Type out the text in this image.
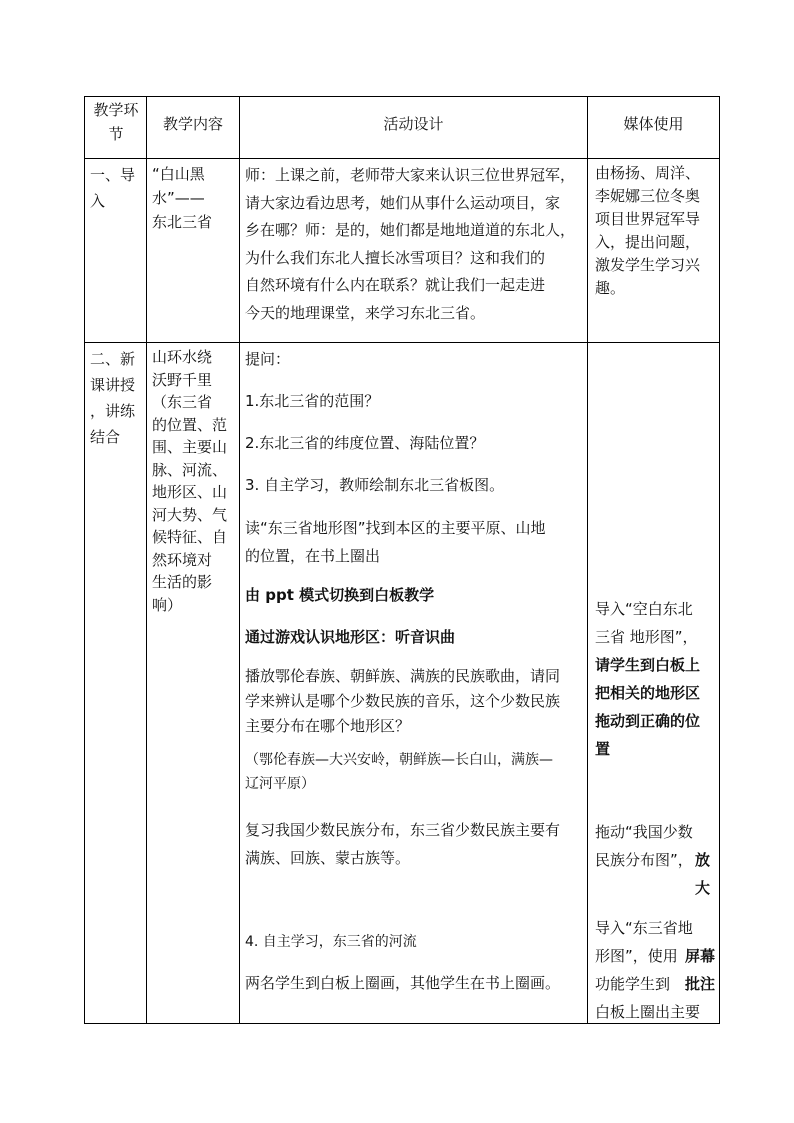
教学环
节

教学内容	活动设计	媒体使用

一、导
入

“白山黑
水”——
东北三省

师：上课之前，老师带大家来认识三位世界冠军，
请大家边看边思考，她们从事什么运动项目，家
乡在哪？师：是的，她们都是地地道道的东北人，
为什么我们东北人擅长冰雪项目？这和我们的
自然环境有什么内在联系？就让我们一起走进
今天的地理课堂，来学习东北三省。

由杨扬、周洋、
李妮娜三位冬奥
项目世界冠军导
入，提出问题，
激发学生学习兴
趣。

二、新
课讲授
，讲练
结合

山环水绕
沃野千里
（东三省
的位置、范
围、主要山
脉、河流、
地形区、山
河大势、气
候特征、自
然环境对
生活的影
响）

提问：

1.东北三省的范围？

2.东北三省的纬度位置、海陆位置？

3. 自主学习，教师绘制东北三省板图。

读“东三省地形图”找到本区的主要平原、山地
的位置，在书上圈出

由 ppt 模式切换到白板教学

通过游戏认识地形区：听音识曲

播放鄂伦春族、朝鲜族、满族的民族歌曲，请同
学来辨认是哪个少数民族的音乐，这个少数民族
主要分布在哪个地形区？

（鄂伦春族—大兴安岭，朝鲜族—长白山，满族—
辽河平原）

复习我国少数民族分布，东三省少数民族主要有
满族、回族、蒙古族等。

4. 自主学习，东三省的河流

两名学生到白板上圈画，其他学生在书上圈画。

导入“空白东北
三省 地形图”，
请学生到白板上
把相关的地形区
拖动到正确的位
置
拖动“我国少数
民族分布图”， 放
大
导入“东三省地
形图”，使用 屏幕
批注
功能学生到
白板上圈出主要
